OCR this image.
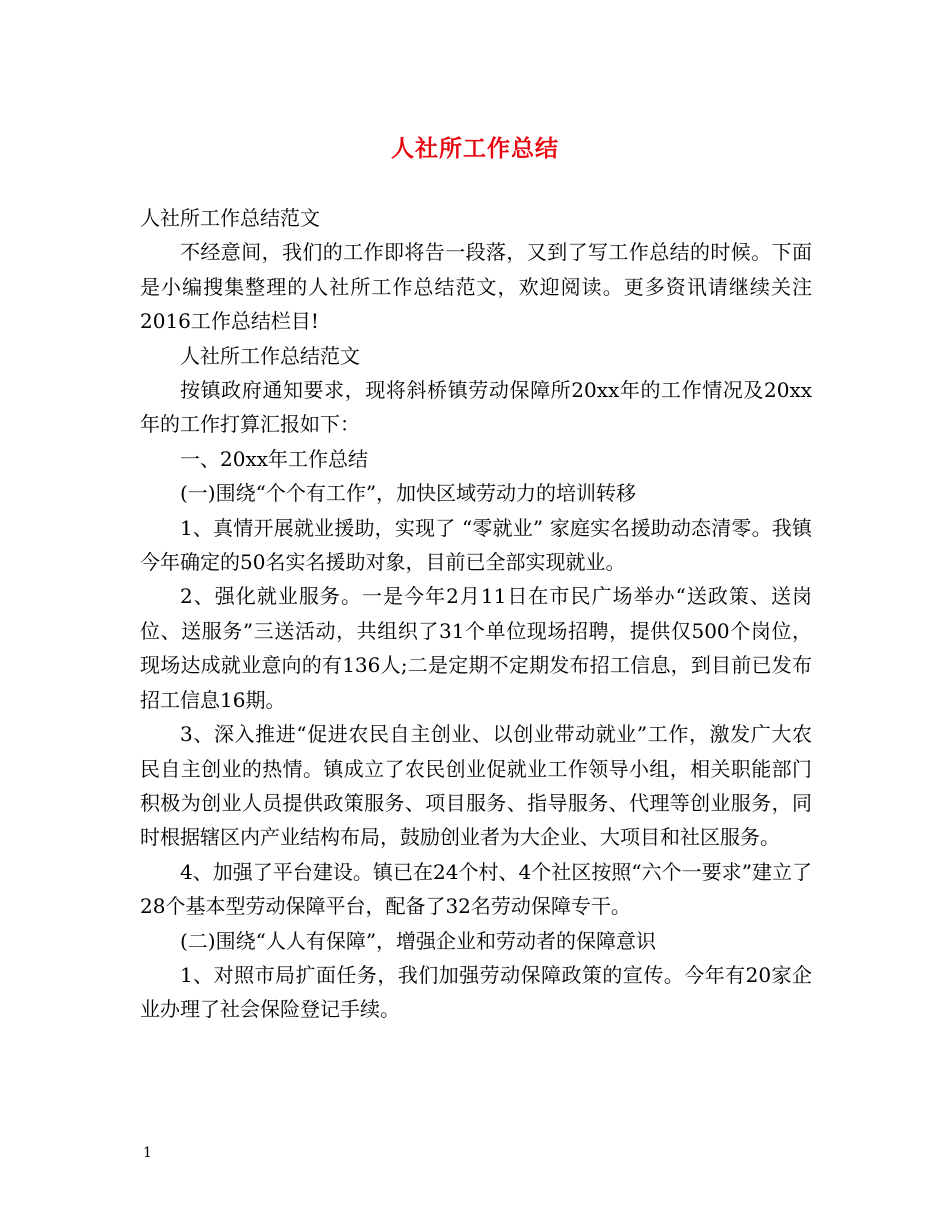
人社所工作总结

人社所工作总结范文

不经意间，我们的工作即将告一段落，又到了写工作总结的时候。下面是小编搜集整理的人社所工作总结范文，欢迎阅读。更多资讯请继续关注2016工作总结栏目!

人社所工作总结范文

按镇政府通知要求，现将斜桥镇劳动保障所20xx年的工作情况及20xx年的工作打算汇报如下：

一、20xx年工作总结

(一)围绕“个个有工作”，加快区域劳动力的培训转移

1、真情开展就业援助，实现了 “零就业” 家庭实名援助动态清零。我镇今年确定的50名实名援助对象，目前已全部实现就业。

2、强化就业服务。一是今年2月11日在市民广场举办“送政策、送岗位、送服务”三送活动，共组织了31个单位现场招聘，提供仅500个岗位，现场达成就业意向的有136人;二是定期不定期发布招工信息，到目前已发布招工信息16期。

3、深入推进“促进农民自主创业、以创业带动就业”工作，激发广大农民自主创业的热情。镇成立了农民创业促就业工作领导小组，相关职能部门积极为创业人员提供政策服务、项目服务、指导服务、代理等创业服务，同时根据辖区内产业结构布局，鼓励创业者为大企业、大项目和社区服务。

4、加强了平台建设。镇已在24个村、4个社区按照“六个一要求”建立了28个基本型劳动保障平台，配备了32名劳动保障专干。

(二)围绕“人人有保障”，增强企业和劳动者的保障意识

1、对照市局扩面任务，我们加强劳动保障政策的宣传。今年有20家企业办理了社会保险登记手续。

1
